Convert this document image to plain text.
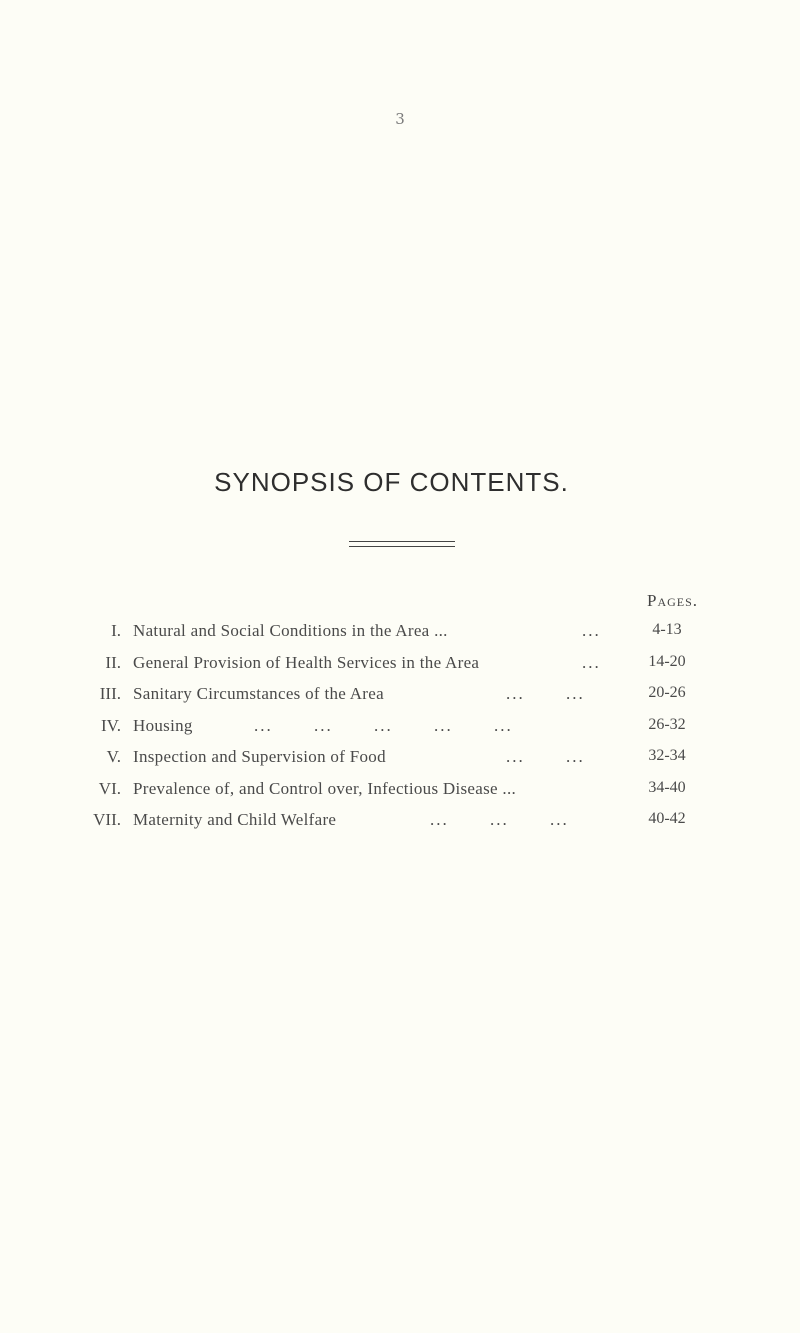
3
SYNOPSIS OF CONTENTS.
Pages.
I. Natural and Social Conditions in the Area ...	...	4-13
II. General Provision of Health Services in the Area	...	14-20
III. Sanitary Circumstances of the Area	... ...	20-26
IV. Housing	... ... ... ... ...	26-32
V. Inspection and Supervision of Food	... ...	32-34
VI. Prevalence of, and Control over, Infectious Disease ...	34-40
VII. Maternity and Child Welfare	... ... ...	40-42
